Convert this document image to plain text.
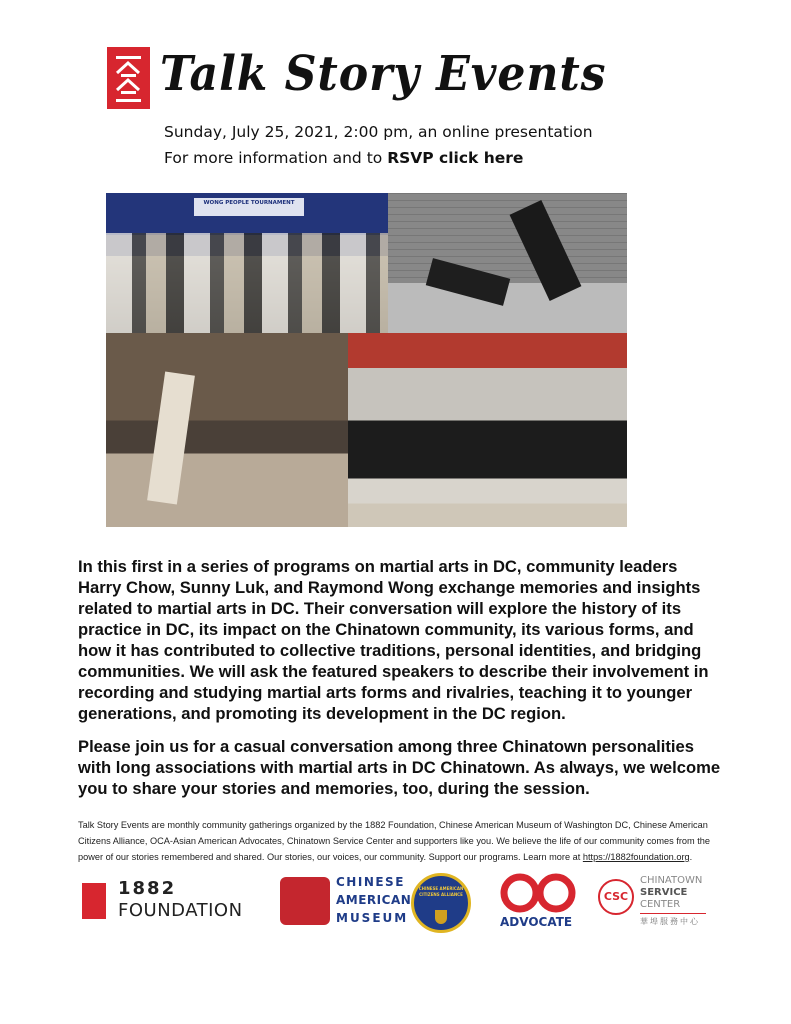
Talk Story Events
Sunday, July 25, 2021, 2:00 pm, an online presentation
For more information and to RSVP click here
WONG PEOPLE TOURNAMENT

In this first in a series of programs on martial arts in DC, community leaders Harry Chow, Sunny Luk, and Raymond Wong exchange memories and insights related to martial arts in DC. Their conversation will explore the history of its practice in DC, its impact on the Chinatown community, its various forms, and how it has contributed to collective traditions, personal identities, and bridging communities. We will ask the featured speakers to describe their involvement in recording and studying martial arts forms and rivalries, teaching it to younger generations, and promoting its development in the DC region.

Please join us for a casual conversation among three Chinatown personalities with long associations with martial arts in DC Chinatown. As always, we welcome you to share your stories and memories, too, during the session.

Talk Story Events are monthly community gatherings organized by the 1882 Foundation, Chinese American Museum of Washington DC, Chinese American Citizens Alliance, OCA-Asian American Advocates, Chinatown Service Center and supporters like you. We believe the life of our community comes from the power of our stories remembered and shared. Our stories, our voices, our community. Support our programs. Learn more at https://1882foundation.org.
1882
FOUNDATION
CHINESE
AMERICAN
MUSEUM
CHINESE AMERICAN CITIZENS ALLIANCE
ADVOCATE
CSC
CHINATOWN
SERVICE
CENTER
華埠服務中心
